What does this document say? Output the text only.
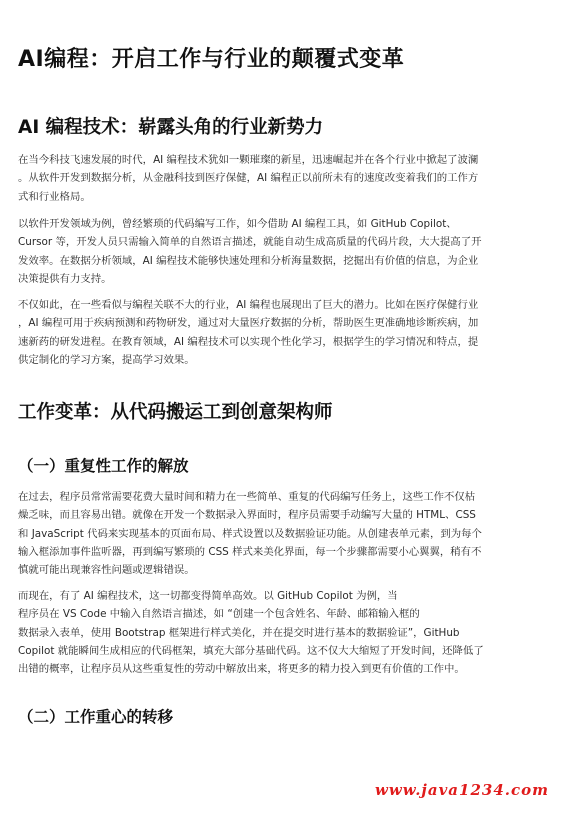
AI编程：开启工作与行业的颠覆式变革
AI 编程技术：崭露头角的行业新势力

在当今科技飞速发展的时代，AI 编程技术犹如一颗璀璨的新星，迅速崛起并在各个行业中掀起了波澜
。从软件开发到数据分析，从金融科技到医疗保健，AI 编程正以前所未有的速度改变着我们的工作方
式和行业格局。

以软件开发领域为例，曾经繁琐的代码编写工作，如今借助 AI 编程工具，如 GitHub Copilot、
Cursor 等，开发人员只需输入简单的自然语言描述，就能自动生成高质量的代码片段，大大提高了开
发效率。在数据分析领域，AI 编程技术能够快速处理和分析海量数据，挖掘出有价值的信息，为企业
决策提供有力支持。

不仅如此，在一些看似与编程关联不大的行业，AI 编程也展现出了巨大的潜力。比如在医疗保健行业
，AI 编程可用于疾病预测和药物研发，通过对大量医疗数据的分析，帮助医生更准确地诊断疾病，加
速新药的研发进程。在教育领域，AI 编程技术可以实现个性化学习，根据学生的学习情况和特点，提
供定制化的学习方案，提高学习效果。

工作变革：从代码搬运工到创意架构师
（一）重复性工作的解放

在过去，程序员常常需要花费大量时间和精力在一些简单、重复的代码编写任务上，这些工作不仅枯
燥乏味，而且容易出错。就像在开发一个数据录入界面时，程序员需要手动编写大量的 HTML、CSS
和 JavaScript 代码来实现基本的页面布局、样式设置以及数据验证功能。从创建表单元素，到为每个
输入框添加事件监听器，再到编写繁琐的 CSS 样式来美化界面，每一个步骤都需要小心翼翼，稍有不
慎就可能出现兼容性问题或逻辑错误。

而现在，有了 AI 编程技术，这一切都变得简单高效。以 GitHub Copilot 为例，当
程序员在 VS Code 中输入自然语言描述，如 “创建一个包含姓名、年龄、邮箱输入框的
数据录入表单，使用 Bootstrap 框架进行样式美化，并在提交时进行基本的数据验证”，GitHub
Copilot 就能瞬间生成相应的代码框架，填充大部分基础代码。这不仅大大缩短了开发时间，还降低了
出错的概率，让程序员从这些重复性的劳动中解放出来，将更多的精力投入到更有价值的工作中。

（二）工作重心的转移
www.java1234.com
